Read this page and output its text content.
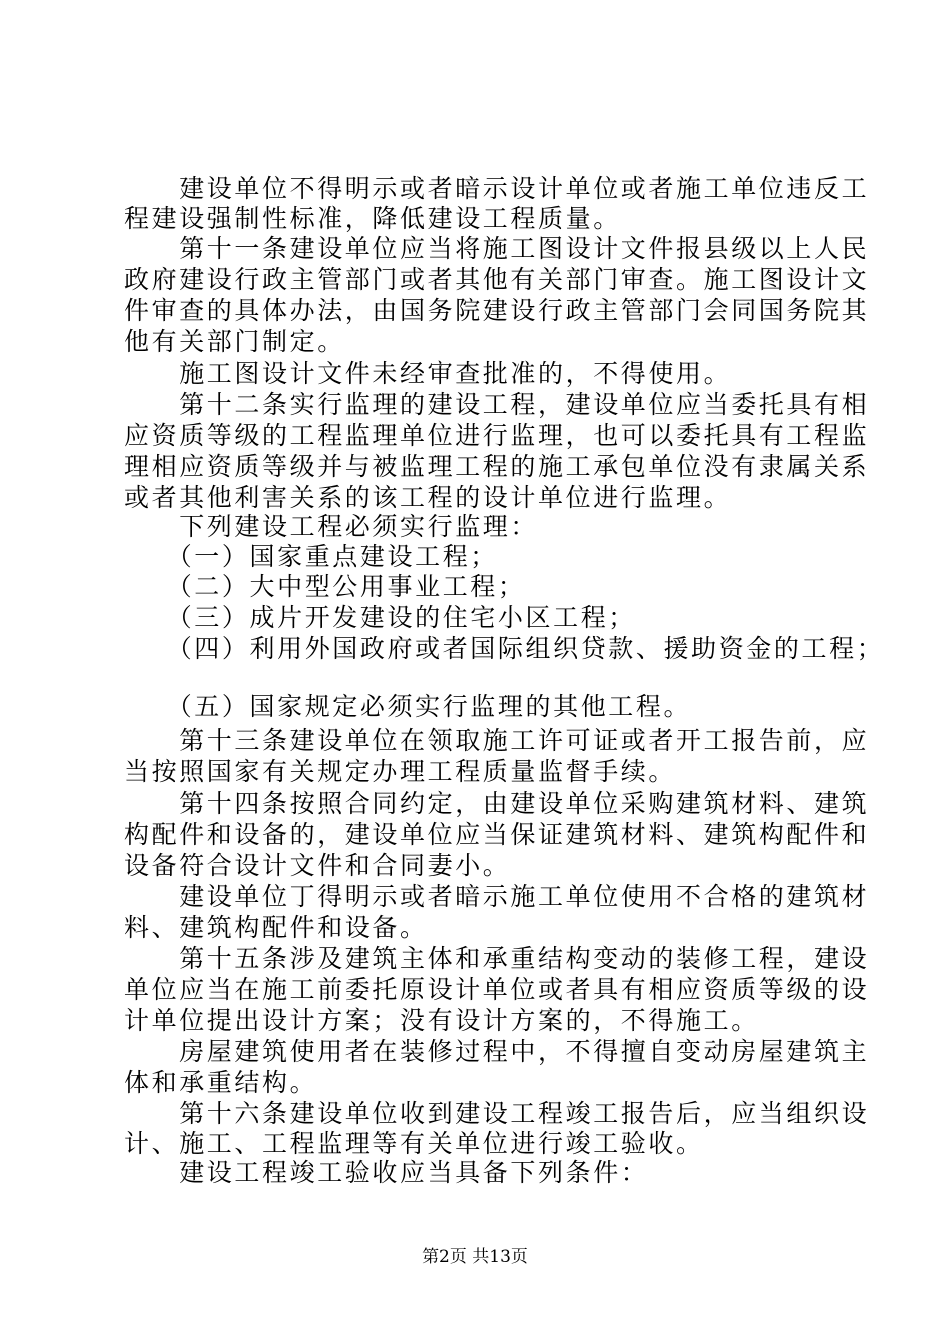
　　建设单位不得明示或者暗示设计单位或者施工单位违反工
程建设强制性标准，降低建设工程质量。
　　第十一条建设单位应当将施工图设计文件报县级以上人民
政府建设行政主管部门或者其他有关部门审查。施工图设计文
件审查的具体办法，由国务院建设行政主管部门会同国务院其
他有关部门制定。
　　施工图设计文件未经审查批准的，不得使用。
　　第十二条实行监理的建设工程，建设单位应当委托具有相
应资质等级的工程监理单位进行监理，也可以委托具有工程监
理相应资质等级并与被监理工程的施工承包单位没有隶属关系
或者其他利害关系的该工程的设计单位进行监理。
　　下列建设工程必须实行监理：
　　（一）国家重点建设工程；
　　（二）大中型公用事业工程；
　　（三）成片开发建设的住宅小区工程；
　　（四）利用外国政府或者国际组织贷款、援助资金的工程；
　　（五）国家规定必须实行监理的其他工程。
　　第十三条建设单位在领取施工许可证或者开工报告前，应
当按照国家有关规定办理工程质量监督手续。
　　第十四条按照合同约定，由建设单位采购建筑材料、建筑
构配件和设备的，建设单位应当保证建筑材料、建筑构配件和
设备符合设计文件和合同妻小。
　　建设单位丁得明示或者暗示施工单位使用不合格的建筑材
料、建筑构配件和设备。
　　第十五条涉及建筑主体和承重结构变动的装修工程，建设
单位应当在施工前委托原设计单位或者具有相应资质等级的设
计单位提出设计方案；没有设计方案的，不得施工。
　　房屋建筑使用者在装修过程中，不得擅自变动房屋建筑主
体和承重结构。
　　第十六条建设单位收到建设工程竣工报告后，应当组织设
计、施工、工程监理等有关单位进行竣工验收。
　　建设工程竣工验收应当具备下列条件：
第2页 共13页
